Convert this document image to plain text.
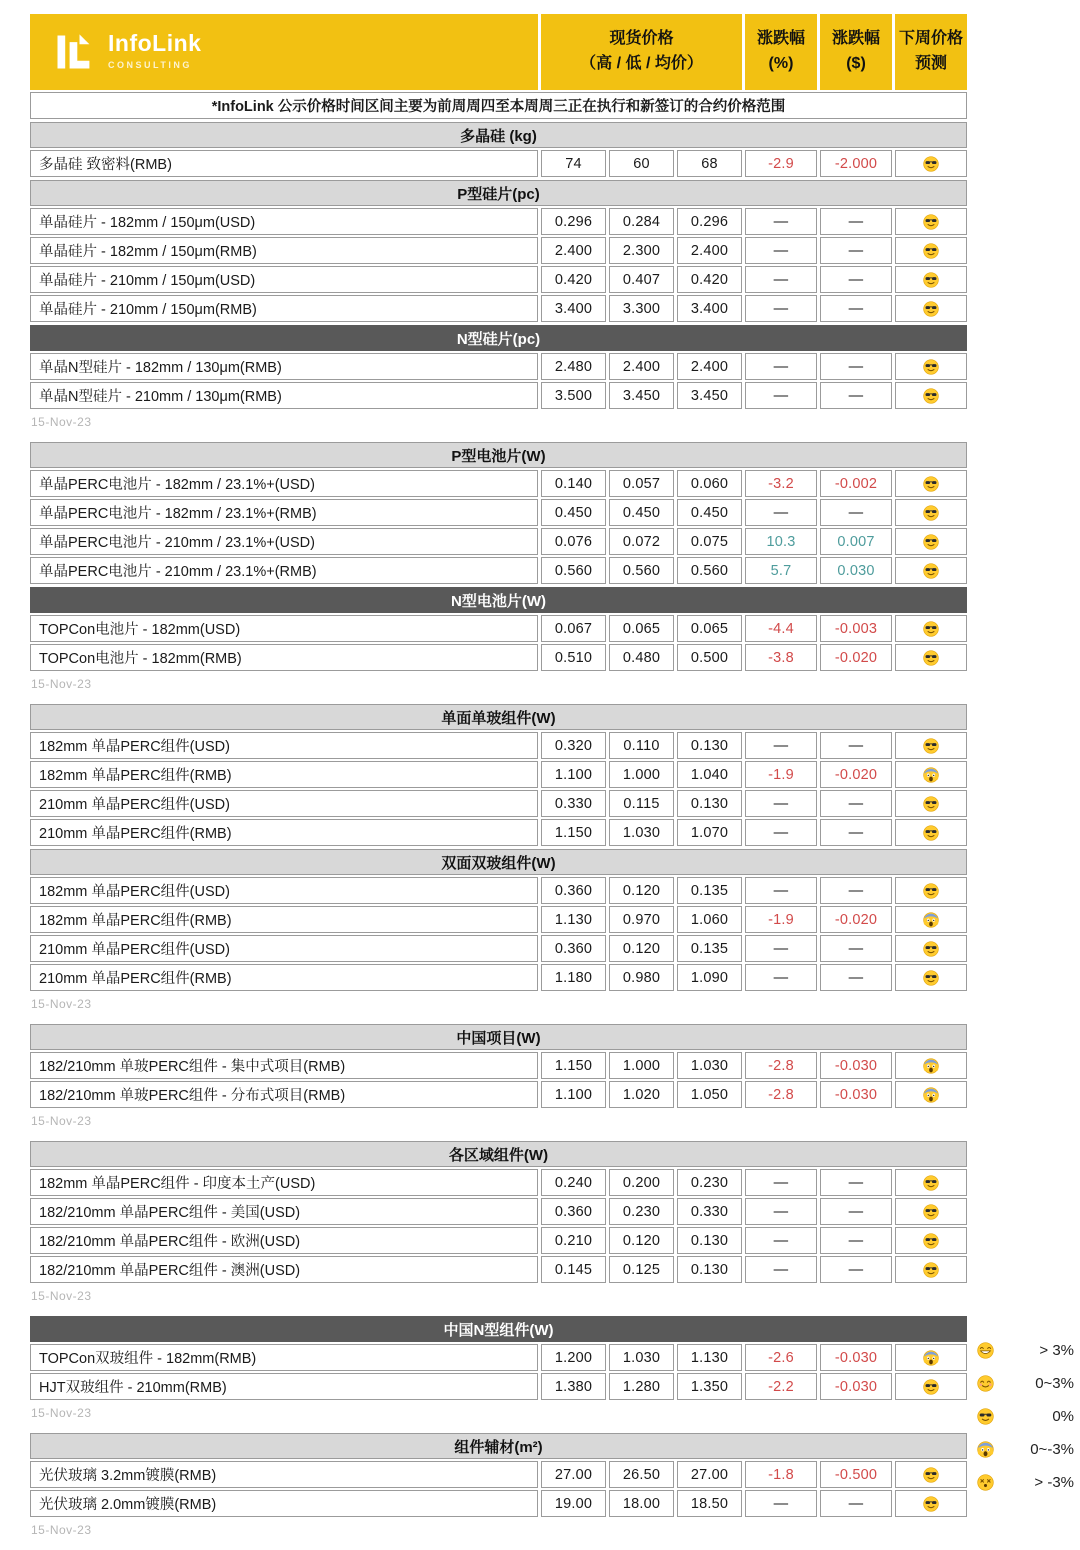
InfoLink
CONSULTING
现货价格
（高 / 低 / 均价）
涨跌幅
(%)
涨跌幅
($)
下周价格
预测
*InfoLink 公示价格时间区间主要为前周周四至本周周三正在执行和新签订的合约价格范围
多晶硅 (kg)
多晶硅 致密料(RMB)	74	60	68	-2.9	-2.000
P型硅片(pc)
单晶硅片 - 182mm / 150μm(USD)	0.296	0.284	0.296	—	—
单晶硅片 - 182mm / 150μm(RMB)	2.400	2.300	2.400	—	—
单晶硅片 - 210mm / 150μm(USD)	0.420	0.407	0.420	—	—
单晶硅片 - 210mm / 150μm(RMB)	3.400	3.300	3.400	—	—
N型硅片(pc)
单晶N型硅片 - 182mm / 130μm(RMB)	2.480	2.400	2.400	—	—
单晶N型硅片 - 210mm / 130μm(RMB)	3.500	3.450	3.450	—	—
15-Nov-23
P型电池片(W)
单晶PERC电池片 - 182mm / 23.1%+(USD)	0.140	0.057	0.060	-3.2	-0.002
单晶PERC电池片 - 182mm / 23.1%+(RMB)	0.450	0.450	0.450	—	—
单晶PERC电池片 - 210mm / 23.1%+(USD)	0.076	0.072	0.075	10.3	0.007
单晶PERC电池片 - 210mm / 23.1%+(RMB)	0.560	0.560	0.560	5.7	0.030
N型电池片(W)
TOPCon电池片 - 182mm(USD)	0.067	0.065	0.065	-4.4	-0.003
TOPCon电池片 - 182mm(RMB)	0.510	0.480	0.500	-3.8	-0.020
15-Nov-23
单面单玻组件(W)
182mm 单晶PERC组件(USD)	0.320	0.110	0.130	—	—
182mm 单晶PERC组件(RMB)	1.100	1.000	1.040	-1.9	-0.020
210mm 单晶PERC组件(USD)	0.330	0.115	0.130	—	—
210mm 单晶PERC组件(RMB)	1.150	1.030	1.070	—	—
双面双玻组件(W)
182mm 单晶PERC组件(USD)	0.360	0.120	0.135	—	—
182mm 单晶PERC组件(RMB)	1.130	0.970	1.060	-1.9	-0.020
210mm 单晶PERC组件(USD)	0.360	0.120	0.135	—	—
210mm 单晶PERC组件(RMB)	1.180	0.980	1.090	—	—
15-Nov-23
中国项目(W)
182/210mm 单玻PERC组件 - 集中式项目(RMB)	1.150	1.000	1.030	-2.8	-0.030
182/210mm 单玻PERC组件 - 分布式项目(RMB)	1.100	1.020	1.050	-2.8	-0.030
15-Nov-23
各区域组件(W)
182mm 单晶PERC组件 - 印度本土产(USD)	0.240	0.200	0.230	—	—
182/210mm 单晶PERC组件 - 美国(USD)	0.360	0.230	0.330	—	—
182/210mm 单晶PERC组件 - 欧洲(USD)	0.210	0.120	0.130	—	—
182/210mm 单晶PERC组件 - 澳洲(USD)	0.145	0.125	0.130	—	—
15-Nov-23
中国N型组件(W)
TOPCon双玻组件 - 182mm(RMB)	1.200	1.030	1.130	-2.6	-0.030
HJT双玻组件 - 210mm(RMB)	1.380	1.280	1.350	-2.2	-0.030
15-Nov-23
组件辅材(m²)
光伏玻璃 3.2mm镀膜(RMB)	27.00	26.50	27.00	-1.8	-0.500
光伏玻璃 2.0mm镀膜(RMB)	19.00	18.00	18.50	—	—
15-Nov-23
> 3%
0~3%
0%
0~-3%
> -3%
